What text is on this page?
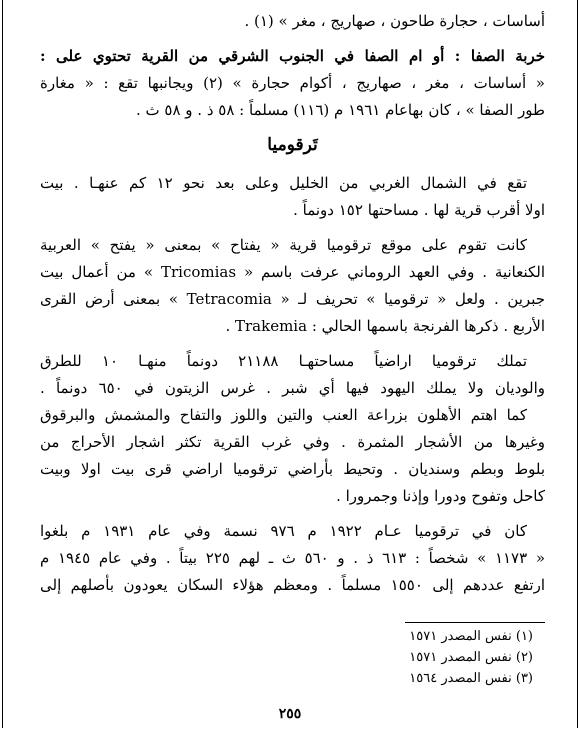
أساسات ، حجارة طاحون ، صهاريج ، مغر » (١) .
خربة الصفا : أو ام الصفا في الجنوب الشرقي من القرية تحتوي على :
« أساسات ، مغر ، صهاريج ، أكوام حجارة » (٢) ويجانبها تقع : « مغارة
طور الصفا » ، كان بهاعام ١٩٦١ م (١١٦) مسلماً : ٥٨ ذ . و ٥٨ ث .
تَرقوميا
تقع في الشمال الغربي من الخليل وعلى بعد نحو ١٢ كم عنهـا . بيت
اولا أقرب قرية لها . مساحتها ١٥٢ دونماً .
كانت تقوم على موقع ترقوميا قرية « يفتاح » بمعنى « يفتح » العربية
الكنعانية . وفي العهد الروماني عرفت باسم « Tricomias » من أعمال بيت
جبرين . ولعل « ترقوميا » تحريف لـ « Tetracomia » بمعنى أرض القرى
الأربع . ذكرها الفرنجة باسمها الحالي : Trakemia .
تملك ترقوميا اراضياً مساحتهـا ٢١١٨٨ دونماً منهـا ١٠ للطرق
والوديان ولا يملك اليهود فيها أي شبر . غرس الزيتون في ٦٥٠ دونماً .
كما اهتم الأهلون بزراعة العنب والتين واللوز والتفاح والمشمش والبرقوق
وغيرها من الأشجار المثمرة . وفي غرب القرية تكثر اشجار الأحراج من
بلوط وبطم وسنديان . وتحيط بأراضي ترقوميا اراضي قرى بيت اولا وبيت
كاحل وتفوح ودورا وإذنا وجمرورا .
كان في ترقوميا عـام ١٩٢٢ م ٩٧٦ نسمة وفي عام ١٩٣١ م بلغوا
« ١١٧٣ » شخصاً : ٦١٣ ذ . و ٥٦٠ ث ـ لهم ٢٢٥ بيتاً . وفي عام ١٩٤٥ م
ارتفع عددهم إلى ١٥٥٠ مسلماً . ومعظم هؤلاء السكان يعودون بأصلهم إلى
(١) نفس المصدر ١٥٧١
(٢) نفس المصدر ١٥٧١
(٣) نفس المصدر ١٥٦٤
٢٥٥
